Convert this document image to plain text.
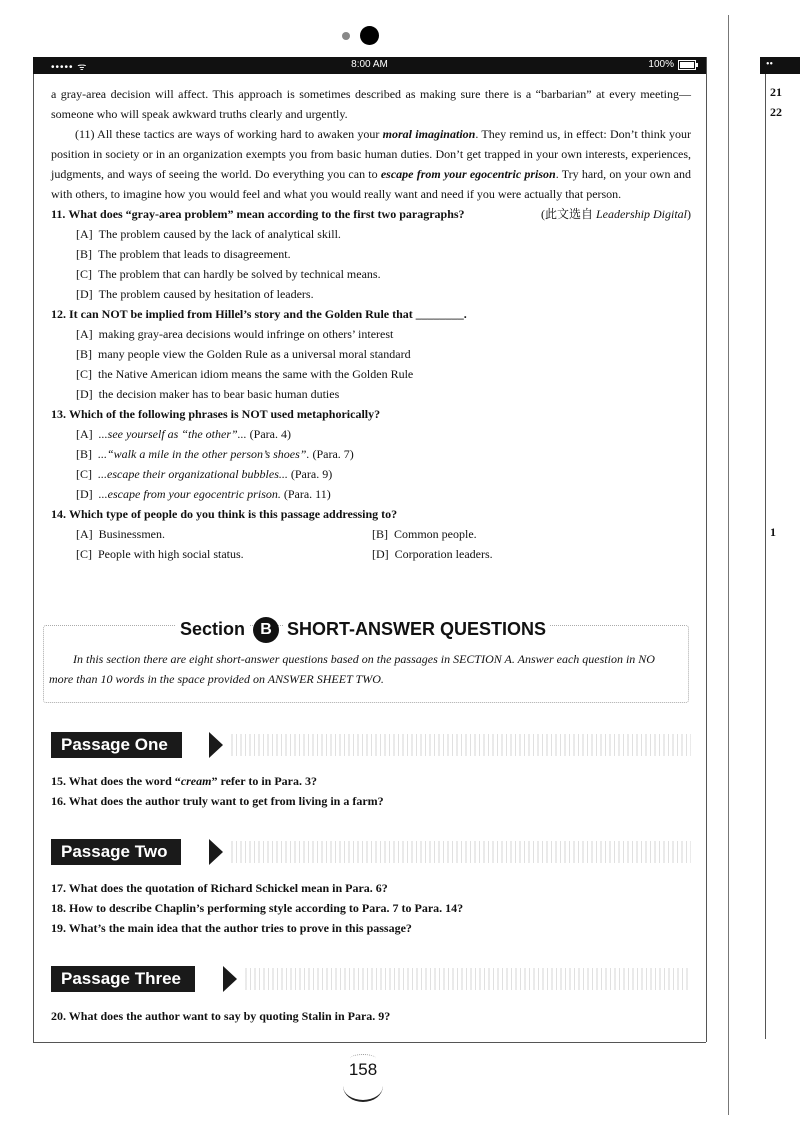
••••• ᯤ	8:00 AM	100%

a gray-area decision will affect. This approach is sometimes described as making sure there is a “barbarian” at every meeting—someone who will speak awkward truths clearly and urgently.

(11) All these tactics are ways of working hard to awaken your moral imagination. They remind us, in effect: Don’t think your position in society or in an organization exempts you from basic human duties. Don’t get trapped in your own interests, experiences, judgments, and ways of seeing the world. Do everything you can to escape from your egocentric prison. Try hard, on your own and with others, to imagine how you would feel and what you would really want and need if you were actually that person.
(此文选自 Leadership Digital)

11. What does “gray-area problem” mean according to the first two paragraphs?
[A] The problem caused by the lack of analytical skill.
[B] The problem that leads to disagreement.
[C] The problem that can hardly be solved by technical means.
[D] The problem caused by hesitation of leaders.
12. It can NOT be implied from Hillel’s story and the Golden Rule that ________.
[A] making gray-area decisions would infringe on others’ interest
[B] many people view the Golden Rule as a universal moral standard
[C] the Native American idiom means the same with the Golden Rule
[D] the decision maker has to bear basic human duties
13. Which of the following phrases is NOT used metaphorically?
[A] ...see yourself as “the other”... (Para. 4)
[B] ...“walk a mile in the other person’s shoes”. (Para. 7)
[C] ...escape their organizational bubbles... (Para. 9)
[D] ...escape from your egocentric prison. (Para. 11)
14. Which type of people do you think is this passage addressing to?
[A] Businessmen.	[B] Common people.
[C] People with high social status.	[D] Corporation leaders.
Section B SHORT-ANSWER QUESTIONS
In this section there are eight short-answer questions based on the passages in SECTION A. Answer each question in NO more than 10 words in the space provided on ANSWER SHEET TWO.
Passage One
15. What does the word “cream” refer to in Para. 3?
16. What does the author truly want to get from living in a farm?
Passage Two
17. What does the quotation of Richard Schickel mean in Para. 6?
18. How to describe Chaplin’s performing style according to Para. 7 to Para. 14?
19. What’s the main idea that the author tries to prove in this passage?
Passage Three
20. What does the author want to say by quoting Stalin in Para. 9?
158
••
21
22
1
